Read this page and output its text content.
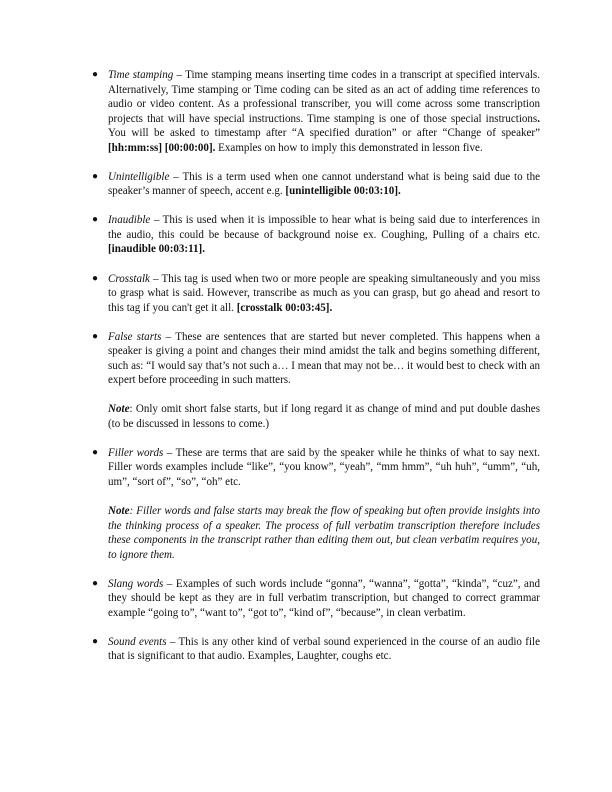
● Time stamping – Time stamping means inserting time codes in a transcript at specified intervals. Alternatively, Time stamping or Time coding can be sited as an act of adding time references to audio or video content. As a professional transcriber, you will come across some transcription projects that will have special instructions. Time stamping is one of those special instructions. You will be asked to timestamp after “A specified duration” or after “Change of speaker” [hh:mm:ss] [00:00:00]. Examples on how to imply this demonstrated in lesson five.
● Unintelligible – This is a term used when one cannot understand what is being said due to the speaker’s manner of speech, accent e.g. [unintelligible 00:03:10].
● Inaudible – This is used when it is impossible to hear what is being said due to interferences in the audio, this could be because of background noise ex. Coughing, Pulling of a chairs etc. [inaudible 00:03:11].
● Crosstalk – This tag is used when two or more people are speaking simultaneously and you miss to grasp what is said. However, transcribe as much as you can grasp, but go ahead and resort to this tag if you can't get it all. [crosstalk 00:03:45].
● False starts – These are sentences that are started but never completed. This happens when a speaker is giving a point and changes their mind amidst the talk and begins something different, such as: “I would say that’s not such a… I mean that may not be… it would best to check with an expert before proceeding in such matters.
Note: Only omit short false starts, but if long regard it as change of mind and put double dashes (to be discussed in lessons to come.)
● Filler words – These are terms that are said by the speaker while he thinks of what to say next. Filler words examples include “like”, “you know”, “yeah”, “mm hmm”, “uh huh”, “umm”, “uh, um”, “sort of”, “so”, “oh” etc.
Note: Filler words and false starts may break the flow of speaking but often provide insights into the thinking process of a speaker. The process of full verbatim transcription therefore includes these components in the transcript rather than editing them out, but clean verbatim requires you, to ignore them.
● Slang words – Examples of such words include “gonna”, “wanna”, “gotta”, “kinda”, “cuz”, and they should be kept as they are in full verbatim transcription, but changed to correct grammar example “going to”, “want to”, “got to”, “kind of”, “because”, in clean verbatim.
● Sound events – This is any other kind of verbal sound experienced in the course of an audio file that is significant to that audio. Examples, Laughter, coughs etc.
